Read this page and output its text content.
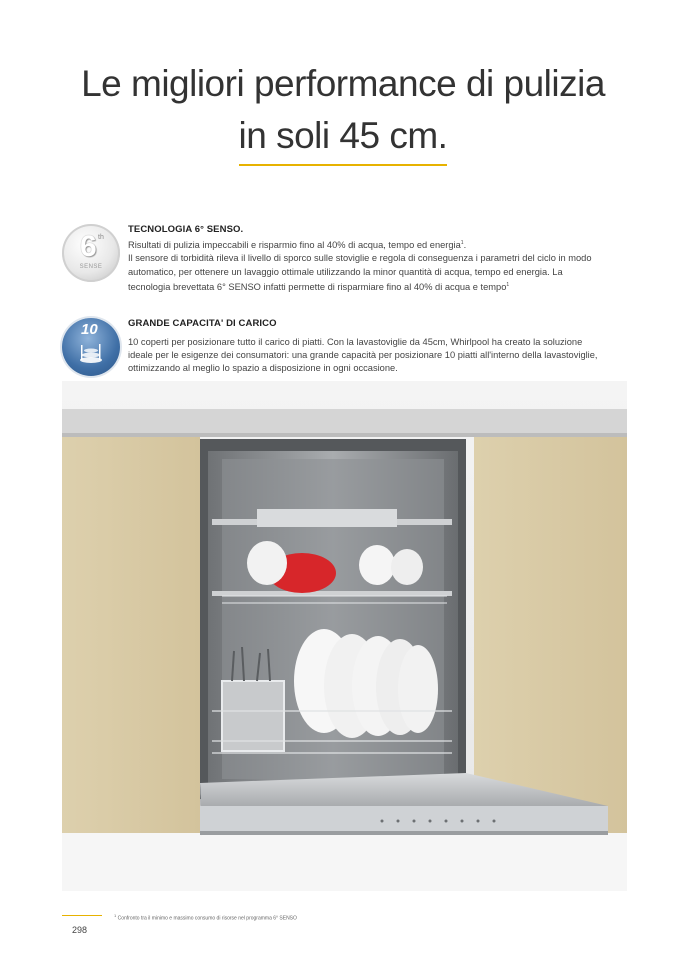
Le migliori performance di pulizia
in soli 45 cm.
6 th
SENSE
TECNOLOGIA 6° SENSO.
Risultati di pulizia impeccabili e risparmio fino al 40% di acqua, tempo ed energia$^1$.
Il sensore di torbidità rileva il livello di sporco sulle stoviglie e regola di conseguenza i parametri del ciclo in modo automatico, per ottenere un lavaggio ottimale utilizzando la minor quantità di acqua, tempo ed energia. La tecnologia brevettata 6° SENSO infatti permette di risparmiare fino al 40% di acqua e tempo$^1$
10	GRANDE CAPACITA' DI CARICO
10 coperti per posizionare tutto il carico di piatti. Con la lavastoviglie da 45cm, Whirlpool ha creato la soluzione ideale per le esigenze dei consumatori: una grande capacità per posizionare 10 piatti all'interno della lavastoviglie, ottimizzando al meglio lo spazio a disposizione in ogni occasione.
$^1$ Confronto tra il minimo e massimo consumo di risorse nel programma 6° SENSO
298
